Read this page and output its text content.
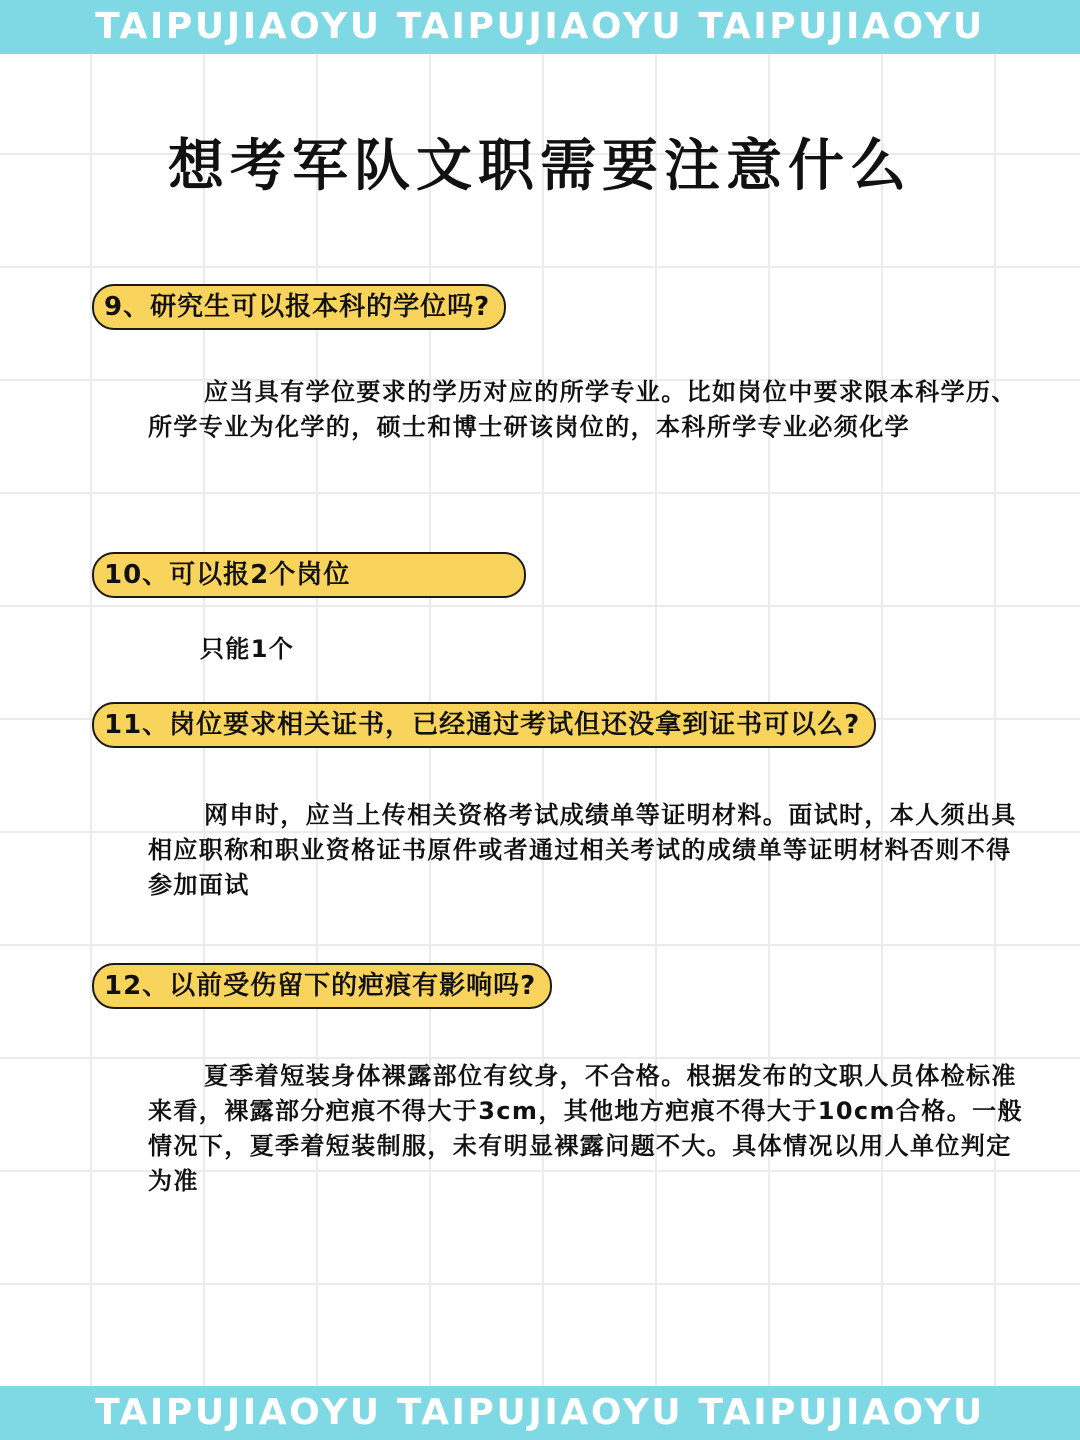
TAIPUJIAOYU TAIPUJIAOYU TAIPUJIAOYU
想考军队文职需要注意什么
9、研究生可以报本科的学位吗?

应当具有学位要求的学历对应的所学专业。比如岗位中要求限本科学历、所学专业为化学的，硕士和博士研该岗位的，本科所学专业必须化学

10、可以报2个岗位

只能1个

11、岗位要求相关证书，已经通过考试但还没拿到证书可以么?

网申时，应当上传相关资格考试成绩单等证明材料。面试时，本人须出具相应职称和职业资格证书原件或者通过相关考试的成绩单等证明材料否则不得参加面试

12、以前受伤留下的疤痕有影响吗?

夏季着短装身体裸露部位有纹身，不合格。根据发布的文职人员体检标准来看，裸露部分疤痕不得大于3cm，其他地方疤痕不得大于10cm合格。一般情况下，夏季着短装制服，未有明显裸露问题不大。具体情况以用人单位判定为准

TAIPUJIAOYU TAIPUJIAOYU TAIPUJIAOYU
